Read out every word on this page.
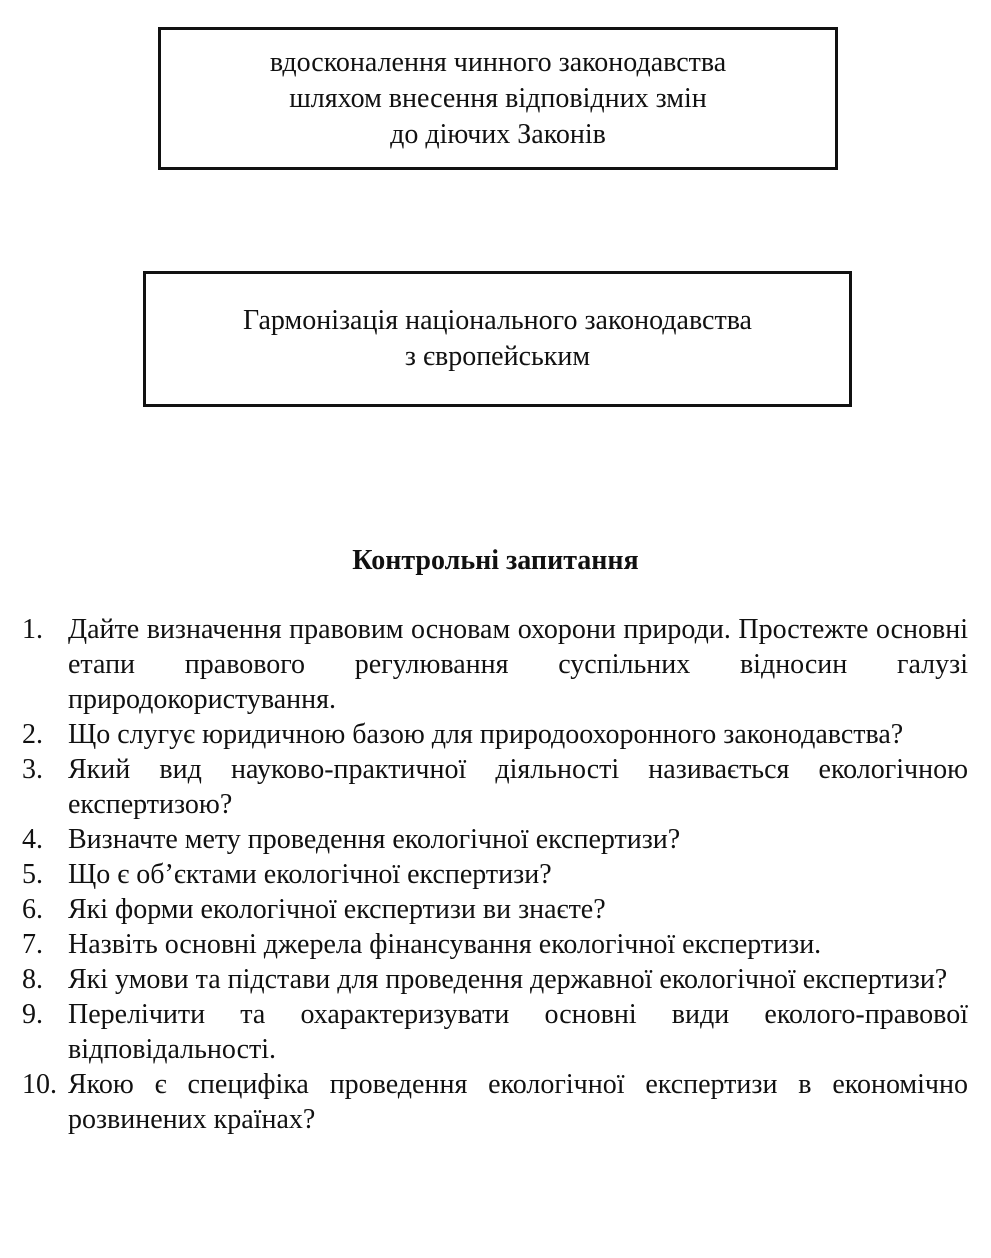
вдосконалення чинного законодавства
шляхом внесення відповідних змін
до діючих Законів
Гармонізація національного законодавства
з європейським
Контрольні запитання
1. Дайте визначення правовим основам охорони природи. Простежте основні етапи правового регулювання суспільних відносин галузі природокористування.
2. Що слугує юридичною базою для природоохоронного законодавства?
3. Який вид науково-практичної діяльності називається екологічною експертизою?
4. Визначте мету проведення екологічної експертизи?
5. Що є об’єктами екологічної експертизи?
6. Які форми екологічної експертизи ви знаєте?
7. Назвіть основні джерела фінансування екологічної експертизи.
8. Які умови та підстави для проведення державної екологічної експертизи?
9. Перелічити та охарактеризувати основні види еколого-правової відповідальності.
10. Якою є специфіка проведення екологічної експертизи в економічно розвинених країнах?
